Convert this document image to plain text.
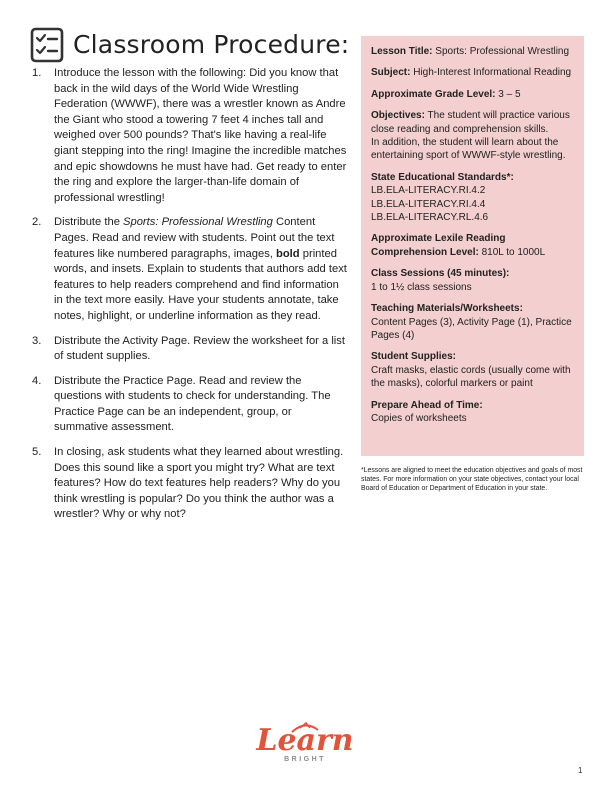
Classroom Procedure:
1.	Introduce the lesson with the following: Did you know that back in the wild days of the World Wide Wrestling Federation (WWWF), there was a wrestler known as Andre the Giant who stood a towering 7 feet 4 inches tall and weighed over 500 pounds? That's like having a real-life giant stepping into the ring! Imagine the incredible matches and epic showdowns he must have had. Get ready to enter the ring and explore the larger-than-life domain of professional wrestling!
2.	Distribute the Sports: Professional Wrestling Content Pages. Read and review with students. Point out the text features like numbered paragraphs, images, bold printed words, and insets. Explain to students that authors add text features to help readers comprehend and find information in the text more easily. Have your students annotate, take notes, highlight, or underline information as they read.
3.	Distribute the Activity Page. Review the worksheet for a list of student supplies.
4.	Distribute the Practice Page. Read and review the questions with students to check for understanding. The Practice Page can be an independent, group, or summative assessment.
5.	In closing, ask students what they learned about wrestling. Does this sound like a sport you might try? What are text features? How do text features help readers? Why do you think wrestling is popular? Do you think the author was a wrestler? Why or why not?
Lesson Title: Sports: Professional Wrestling
Subject: High-Interest Informational Reading
Approximate Grade Level: 3 – 5
Objectives: The student will practice various close reading and comprehension skills.
In addition, the student will learn about the entertaining sport of WWWF-style wrestling.
State Educational Standards*:
LB.ELA-LITERACY.RI.4.2
LB.ELA-LITERACY.RI.4.4
LB.ELA-LITERACY.RL.4.6
Approximate Lexile Reading Comprehension Level: 810L to 1000L
Class Sessions (45 minutes):
1 to 1½ class sessions
Teaching Materials/Worksheets:
Content Pages (3), Activity Page (1), Practice Pages (4)
Student Supplies:
Craft masks, elastic cords (usually come with the masks), colorful markers or paint
Prepare Ahead of Time:
Copies of worksheets
*Lessons are aligned to meet the education objectives and goals of most states. For more information on your state objectives, contact your local Board of Education or Department of Education in your state.
Learn
BRIGHT
1
